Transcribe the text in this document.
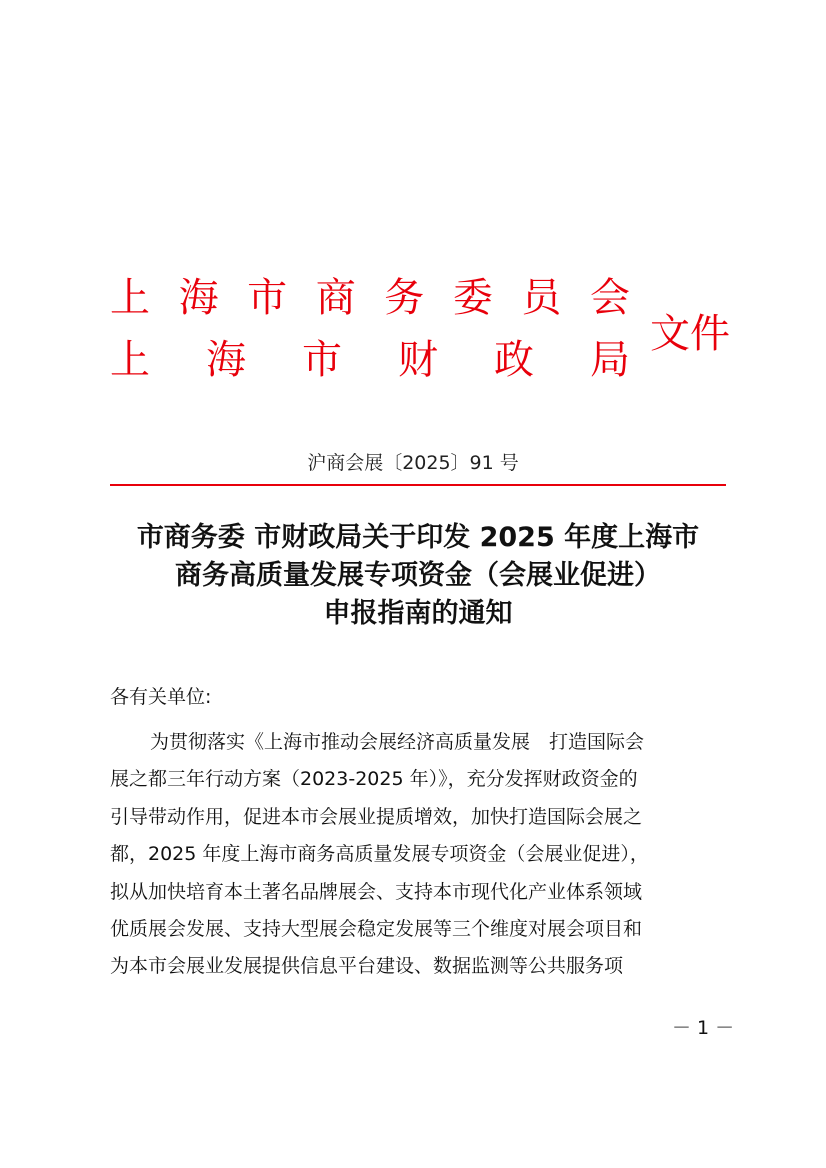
上 海 市 商 务 委 员 会
上 海 市 财 政 局
文件
沪商会展〔2025〕91 号
市商务委 市财政局关于印发 2025 年度上海市
商务高质量发展专项资金（会展业促进）
申报指南的通知
各有关单位:
为贯彻落实《上海市推动会展经济高质量发展　打造国际会
展之都三年行动方案（2023-2025 年）》，充分发挥财政资金的
引导带动作用，促进本市会展业提质增效，加快打造国际会展之
都，2025 年度上海市商务高质量发展专项资金（会展业促进），
拟从加快培育本土著名品牌展会、支持本市现代化产业体系领域
优质展会发展、支持大型展会稳定发展等三个维度对展会项目和
为本市会展业发展提供信息平台建设、数据监测等公共服务项
－ 1 －
